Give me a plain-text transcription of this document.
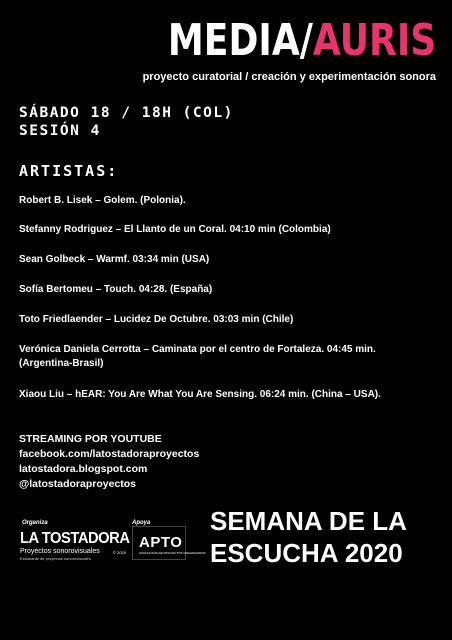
MEDIA/AURIS
proyecto curatorial / creación y experimentación sonora
SÁBADO 18 / 18H (COL)
SESIÓN 4
ARTISTAS:
Robert B. Lisek – Golem. (Polonia).
Stefanny Rodriguez – El Llanto de un Coral. 04:10 min (Colombia)
Sean Golbeck – Warmf. 03:34 min (USA)
Sofía Bertomeu – Touch. 04:28. (España)
Toto Friedlaender – Lucidez De Octubre. 03:03 min (Chile)
Verónica Daniela Cerrotta – Caminata por el centro de Fortaleza. 04:45 min. (Argentina-Brasil)
Xiaou Liu – hEAR: You Are What You Are Sensing. 06:24 min. (China – USA).
STREAMING POR YOUTUBE
facebook.com/latostadoraproyectos
latostadora.blogspot.com
@latostadoraproyectos
Organiza	Apoya
LA TOSTADORA
Proyectos sonorovisuales
Estudiante de proyectos sonorovisuales
© 2020
APTO
ASOCIACIÓN DE PROYECTOS ORGANIZADOS
SEMANA DE LA
ESCUCHA 2020
